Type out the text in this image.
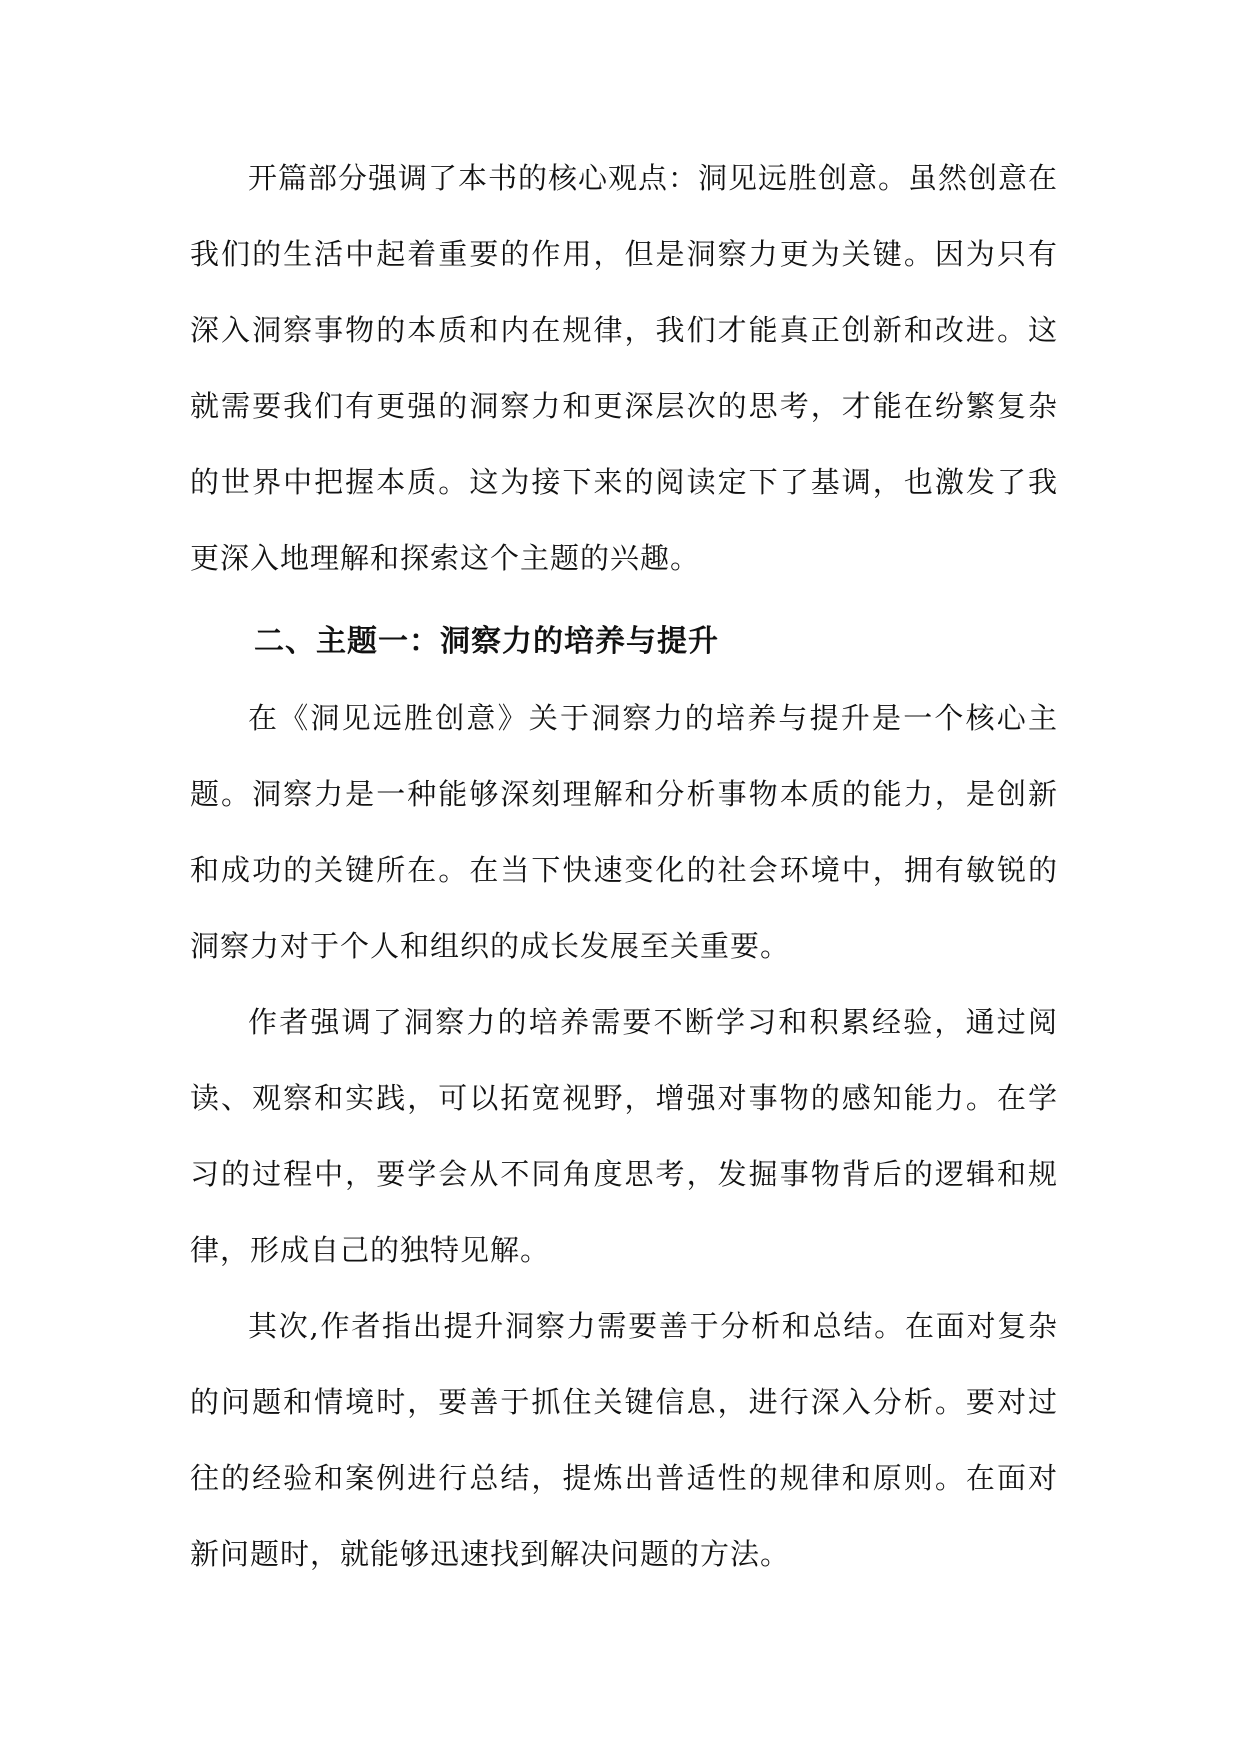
开篇部分强调了本书的核心观点：洞见远胜创意。虽然创意在我们的生活中起着重要的作用，但是洞察力更为关键。因为只有深入洞察事物的本质和内在规律，我们才能真正创新和改进。这就需要我们有更强的洞察力和更深层次的思考，才能在纷繁复杂的世界中把握本质。这为接下来的阅读定下了基调，也激发了我更深入地理解和探索这个主题的兴趣。

二、主题一：洞察力的培养与提升

在《洞见远胜创意》关于洞察力的培养与提升是一个核心主题。洞察力是一种能够深刻理解和分析事物本质的能力，是创新和成功的关键所在。在当下快速变化的社会环境中，拥有敏锐的洞察力对于个人和组织的成长发展至关重要。

作者强调了洞察力的培养需要不断学习和积累经验，通过阅读、观察和实践，可以拓宽视野，增强对事物的感知能力。在学习的过程中，要学会从不同角度思考，发掘事物背后的逻辑和规律，形成自己的独特见解。

其次,作者指出提升洞察力需要善于分析和总结。在面对复杂的问题和情境时，要善于抓住关键信息，进行深入分析。要对过往的经验和案例进行总结，提炼出普适性的规律和原则。在面对新问题时，就能够迅速找到解决问题的方法。
